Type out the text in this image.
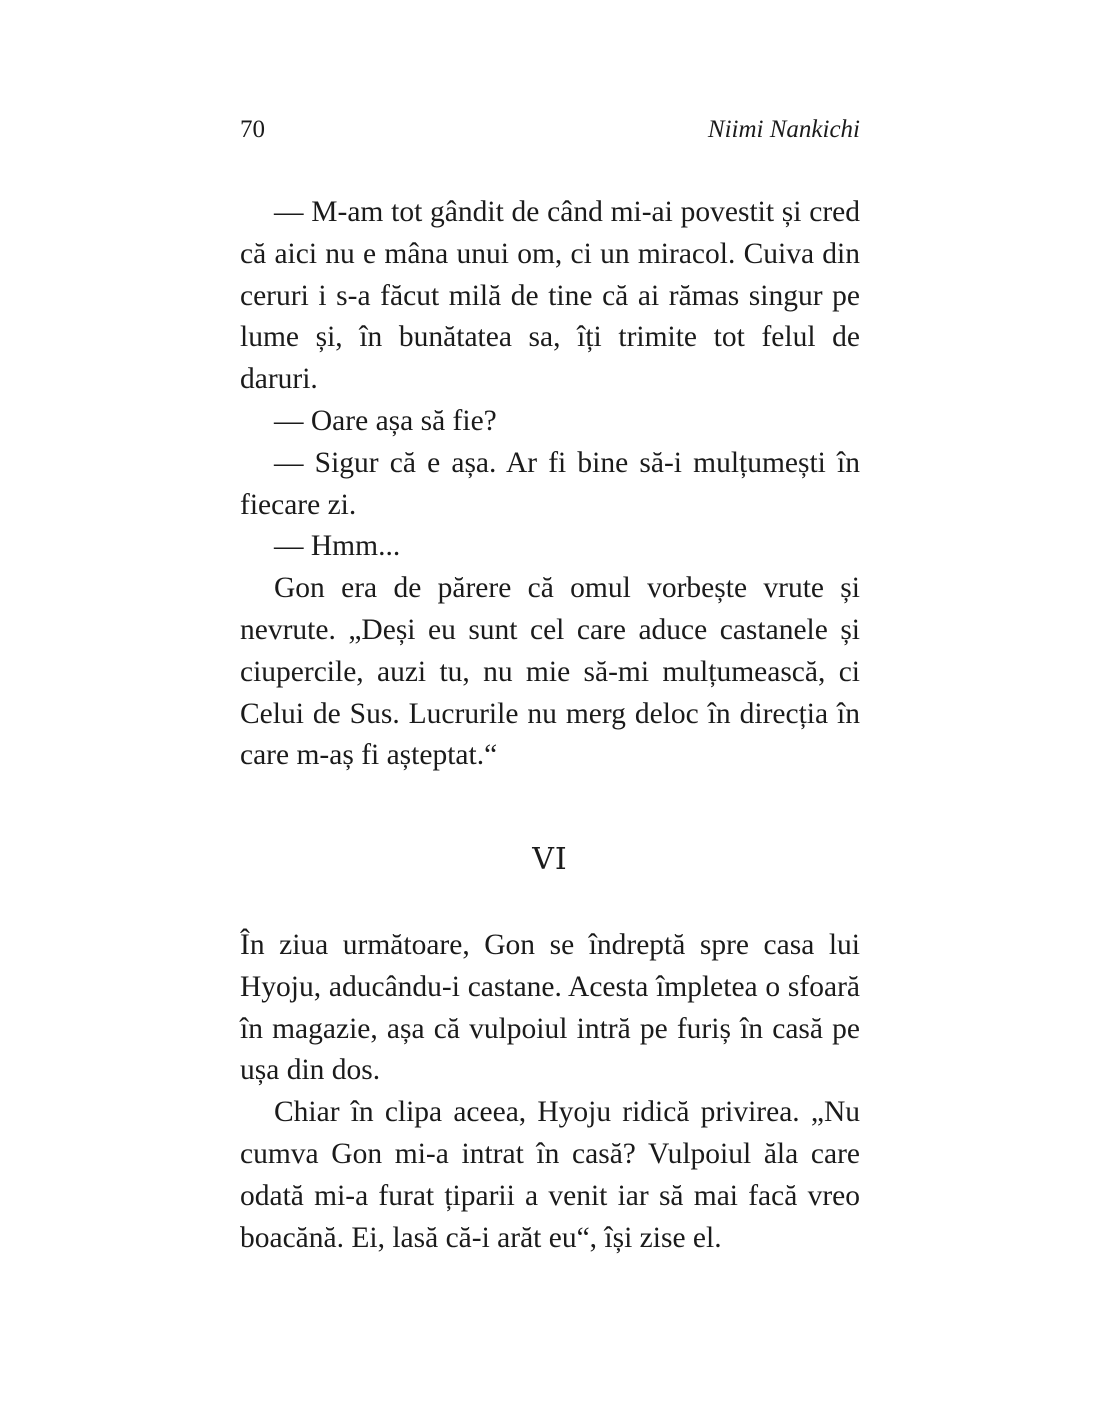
70	Niimi Nankichi

— M-am tot gândit de când mi-ai povestit și cred că aici nu e mâna unui om, ci un miracol. Cuiva din ceruri i s-a făcut milă de tine că ai rămas singur pe lume și, în bunătatea sa, îți trimite tot felul de daruri.

— Oare așa să fie?

— Sigur că e așa. Ar fi bine să-i mulțumești în fiecare zi.

— Hmm...

Gon era de părere că omul vorbește vrute și nevrute. „Deși eu sunt cel care aduce castanele și ciupercile, auzi tu, nu mie să-mi mulțumească, ci Celui de Sus. Lucrurile nu merg deloc în direcția în care m-aș fi așteptat.“

VI

În ziua următoare, Gon se îndreptă spre casa lui Hyoju, aducându-i castane. Acesta împletea o sfoară în magazie, așa că vulpoiul intră pe furiș în casă pe ușa din dos.

Chiar în clipa aceea, Hyoju ridică privirea. „Nu cumva Gon mi-a intrat în casă? Vulpoiul ăla care odată mi-a furat țiparii a venit iar să mai facă vreo boacănă. Ei, lasă că-i arăt eu“, își zise el.
